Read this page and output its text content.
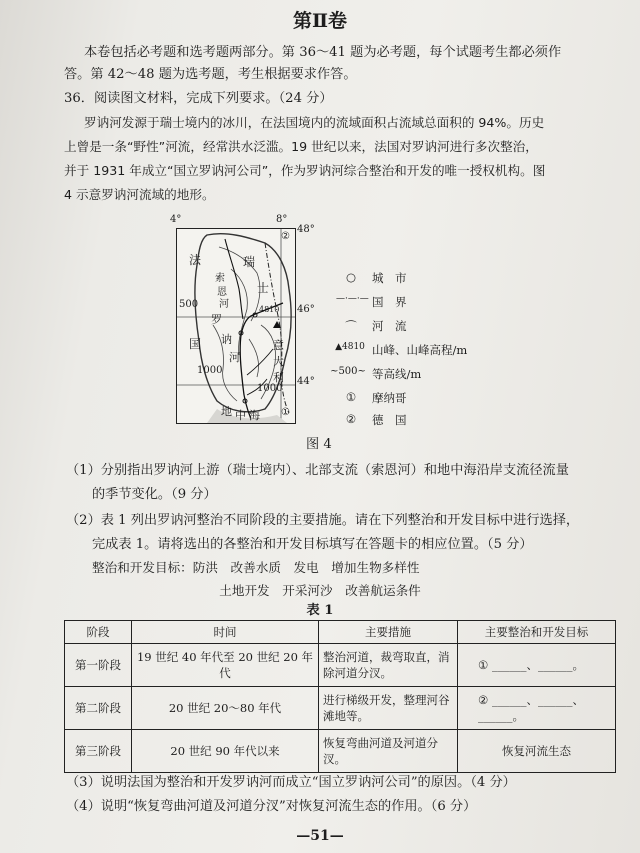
第Ⅱ卷
本卷包括必考题和选考题两部分。第 36～41 题为必考题，每个试题考生都必须作
答。第 42～48 题为选考题，考生根据要求作答。
36．阅读图文材料，完成下列要求。（24 分）
罗讷河发源于瑞士境内的冰川，在法国境内的流域面积占流域总面积的 94%。历史
上曾是一条“野性”河流，经常洪水泛滥。19 世纪以来，法国对罗讷河进行多次整治，
并于 1931 年成立“国立罗讷河公司”，作为罗讷河综合整治和开发的唯一授权机构。图
4 示意罗讷河流域的地形。
4°	8°
48°
46°
44°
法
国
瑞
士
罗
讷
河
索
恩
河
意
大
利
500
1000
1000
4810
地 中 海 ①
②
○	城　市
—·—·— 国　界
⌒	河　流
▲4810 山峰、山峰高程/m
~500~ 等高线/m
①	摩纳哥
②	德　国
图 4
（1）分别指出罗讷河上游（瑞士境内）、北部支流（索恩河）和地中海沿岸支流径流量
的季节变化。（9 分）
（2）表 1 列出罗讷河整治不同阶段的主要措施。请在下列整治和开发目标中进行选择，
完成表 1。请将选出的各整治和开发目标填写在答题卡的相应位置。（5 分）
整治和开发目标：防洪　改善水质　发电　增加生物多样性
土地开发　开采河沙　改善航运条件
表 1
阶段	时间	主要措施	主要整治和开发目标
第一阶段	19 世纪 40 年代至 20 世纪 20 年代	整治河道，裁弯取直，消除河道分汊。	① ______、______。
第二阶段	20 世纪 20～80 年代	进行梯级开发，整理河谷滩地等。	② ______、______、______。
第三阶段	20 世纪 90 年代以来	恢复弯曲河道及河道分汊。	恢复河流生态
（3）说明法国为整治和开发罗讷河而成立“国立罗讷河公司”的原因。（4 分）
（4）说明“恢复弯曲河道及河道分汊”对恢复河流生态的作用。（6 分）
—51—
